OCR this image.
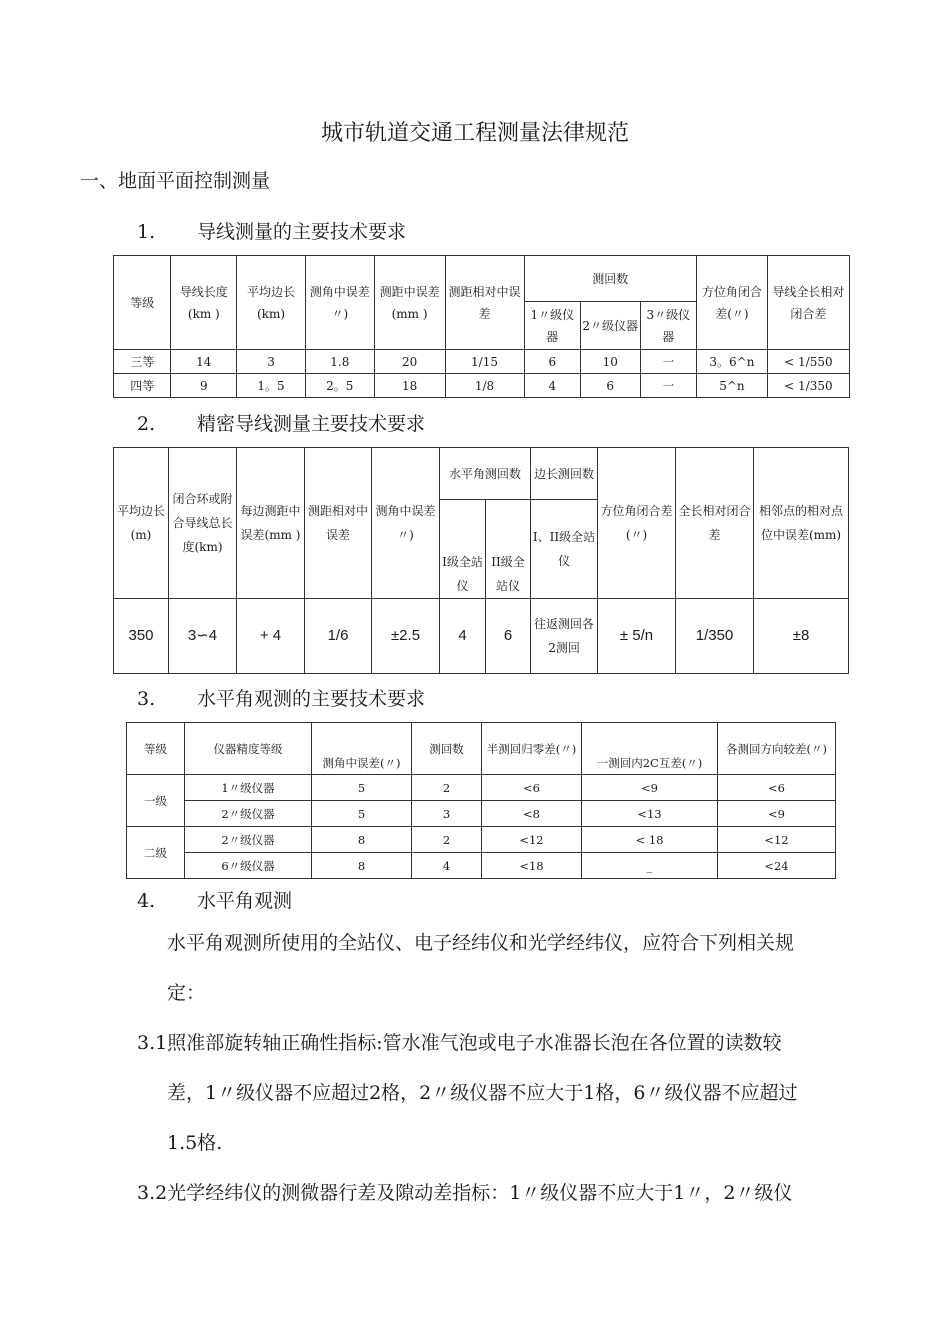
城市轨道交通工程测量法律规范
一、地面平面控制测量
1. 导线测量的主要技术要求
等级	导线长度(km )	平均边长(km)	测角中误差〃)	测距中误差(mm )	测距相对中误差	测回数			方位角闭合差(〃)	导线全长相对闭合差
						1〃级仪器	2〃级仪器	3〃级仪器		
三等	14	3	1.8	20	1/15	6	10	一	3。6^n	< 1/550
四等	9	1。5	2。5	18	1/8	4	6	一	5^n	< 1/350
2. 精密导线测量主要技术要求
平均边长(m)	闭合环或附合导线总长度(km)	每边测距中误差(mm )	测距相对中误差	测角中误差〃)	水平角测回数		边长测回数	方位角闭合差(〃)	全长相对闭合差	相邻点的相对点位中误差(mm)
					I级全站仪	II级全站仪	I、II级全站仪			
350	3∽4	+ 4	1/6	±2.5	4	6	往返测回各2测回	± 5/n	1/350	±8
3. 水平角观测的主要技术要求
等级	仪器精度等级	测角中误差(〃)	测回数	半测回归零差(〃)	一测回内2C互差(〃)	各测回方向较差(〃)
一级	1〃级仪器	5	2	<6	<9	<6
	2〃级仪器	5	3	<8	<13	<9
二级	2〃级仪器	8	2	<12	< 18	<12
	6〃级仪器	8	4	<18	_	<24
4. 水平角观测
水平角观测所使用的全站仪、电子经纬仪和光学经纬仪，应符合下列相关规
定：
3.1照准部旋转轴正确性指标:管水准气泡或电子水准器长泡在各位置的读数较
差，1〃级仪器不应超过2格，2〃级仪器不应大于1格，6〃级仪器不应超过
1.5格.
3.2光学经纬仪的测微器行差及隙动差指标：1〃级仪器不应大于1〃，2〃级仪
